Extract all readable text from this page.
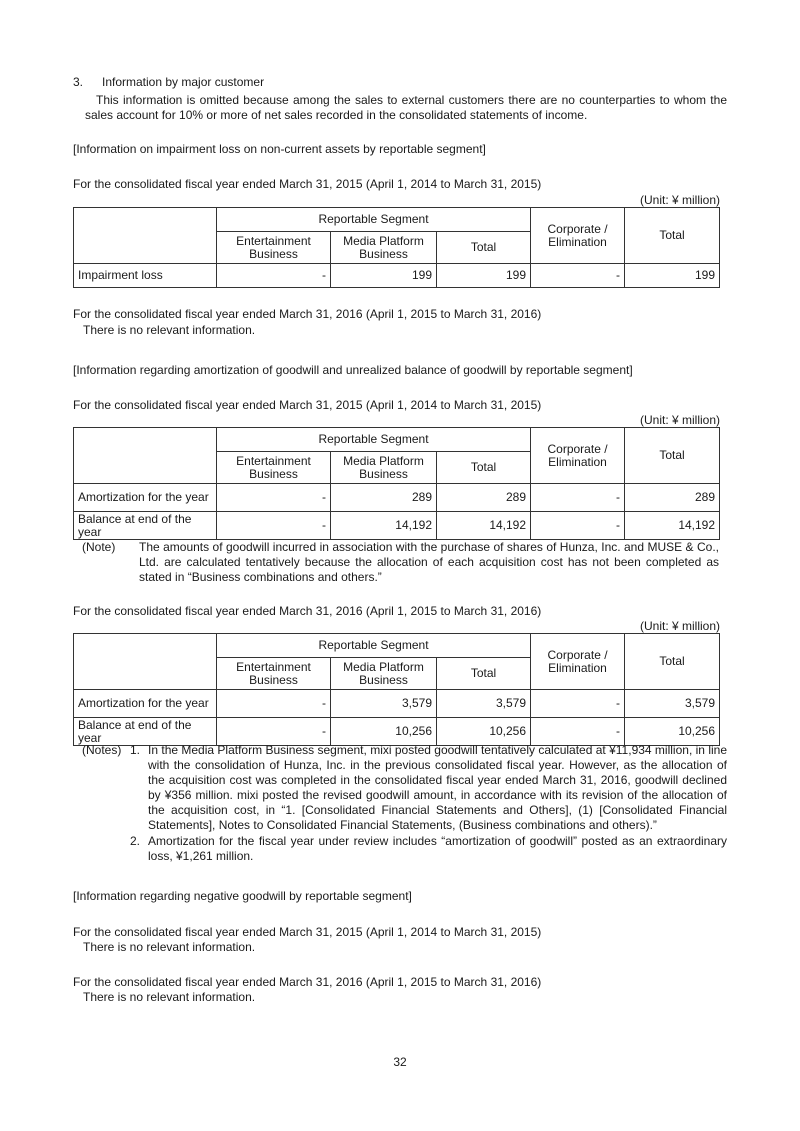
3. Information by major customer
This information is omitted because among the sales to external customers there are no counterparties to whom the sales account for 10% or more of net sales recorded in the consolidated statements of income.
[Information on impairment loss on non-current assets by reportable segment]
For the consolidated fiscal year ended March 31, 2015 (April 1, 2014 to March 31, 2015)
(Unit: ¥ million)
	Reportable Segment			Corporate / Elimination	Total
	Entertainment Business	Media Platform Business	Total		
Impairment loss	-	199	199	-	199
For the consolidated fiscal year ended March 31, 2016 (April 1, 2015 to March 31, 2016)
There is no relevant information.
[Information regarding amortization of goodwill and unrealized balance of goodwill by reportable segment]
For the consolidated fiscal year ended March 31, 2015 (April 1, 2014 to March 31, 2015)
(Unit: ¥ million)
	Reportable Segment			Corporate / Elimination	Total
	Entertainment Business	Media Platform Business	Total		
Amortization for the year	-	289	289	-	289
Balance at end of the year	-	14,192	14,192	-	14,192
(Note) The amounts of goodwill incurred in association with the purchase of shares of Hunza, Inc. and MUSE & Co., Ltd. are calculated tentatively because the allocation of each acquisition cost has not been completed as stated in “Business combinations and others.”
For the consolidated fiscal year ended March 31, 2016 (April 1, 2015 to March 31, 2016)
(Unit: ¥ million)
	Reportable Segment			Corporate / Elimination	Total
	Entertainment Business	Media Platform Business	Total		
Amortization for the year	-	3,579	3,579	-	3,579
Balance at end of the year	-	10,256	10,256	-	10,256
(Notes) 1. In the Media Platform Business segment, mixi posted goodwill tentatively calculated at ¥11,934 million, in line with the consolidation of Hunza, Inc. in the previous consolidated fiscal year. However, as the allocation of the acquisition cost was completed in the consolidated fiscal year ended March 31, 2016, goodwill declined by ¥356 million. mixi posted the revised goodwill amount, in accordance with its revision of the allocation of the acquisition cost, in “1. [Consolidated Financial Statements and Others], (1) [Consolidated Financial Statements], Notes to Consolidated Financial Statements, (Business combinations and others).”
2. Amortization for the fiscal year under review includes “amortization of goodwill” posted as an extraordinary loss, ¥1,261 million.
[Information regarding negative goodwill by reportable segment]
For the consolidated fiscal year ended March 31, 2015 (April 1, 2014 to March 31, 2015)
There is no relevant information.
For the consolidated fiscal year ended March 31, 2016 (April 1, 2015 to March 31, 2016)
There is no relevant information.
32
